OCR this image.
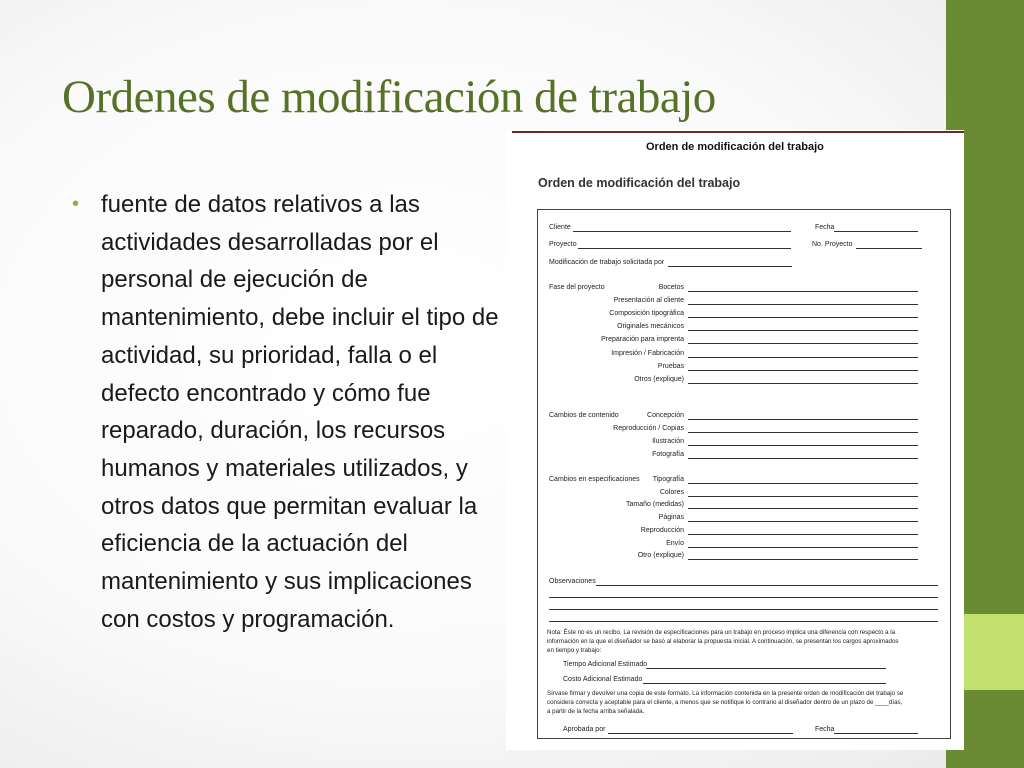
Ordenes de modificación de trabajo
• fuente de datos relativos a las actividades desarrolladas por el personal de ejecución de mantenimiento, debe incluir el tipo de actividad, su prioridad, falla o el defecto encontrado y cómo fue reparado, duración, los recursos humanos y materiales utilizados, y otros datos que permitan evaluar la eficiencia de la actuación del mantenimiento y sus implicaciones con costos y programación.
Orden de modificación del trabajo
Orden de modificación del trabajo
Cliente	Fecha
Proyecto	No. Proyecto
Modificación de trabajo solicitada por
Fase del proyecto	Bocetos
Presentación al cliente
Composición tipográfica
Originales mecánicos
Preparación para imprenta
Impresión / Fabricación
Pruebas
Otros (explique)
Cambios de contenido	Concepción
Reproducción / Copias
Ilustración
Fotografía
Cambios en especificaciones	Tipografía
Colores
Tamaño (medidas)
Páginas
Reproducción
Envío
Otro (explique)
Observaciones
Nota: Éste no es un recibo. La revisión de especificaciones para un trabajo en proceso implica una diferencia con respecto a la
información en la que el diseñador se basó al elaborar la propuesta inicial. A continuación, se presentan los cargos aproximados
en tiempo y trabajo:
Tiempo Adicional Estimado
Costo Adicional Estimado
Sírvase firmar y devolver una copia de este formato. La información contenida en la presente orden de modificación del trabajo se
considera correcta y aceptable para el cliente, a menos que se notifique lo contrario al diseñador dentro de un plazo de ____días,
a partir de la fecha arriba señalada.
Aprobada por	Fecha
